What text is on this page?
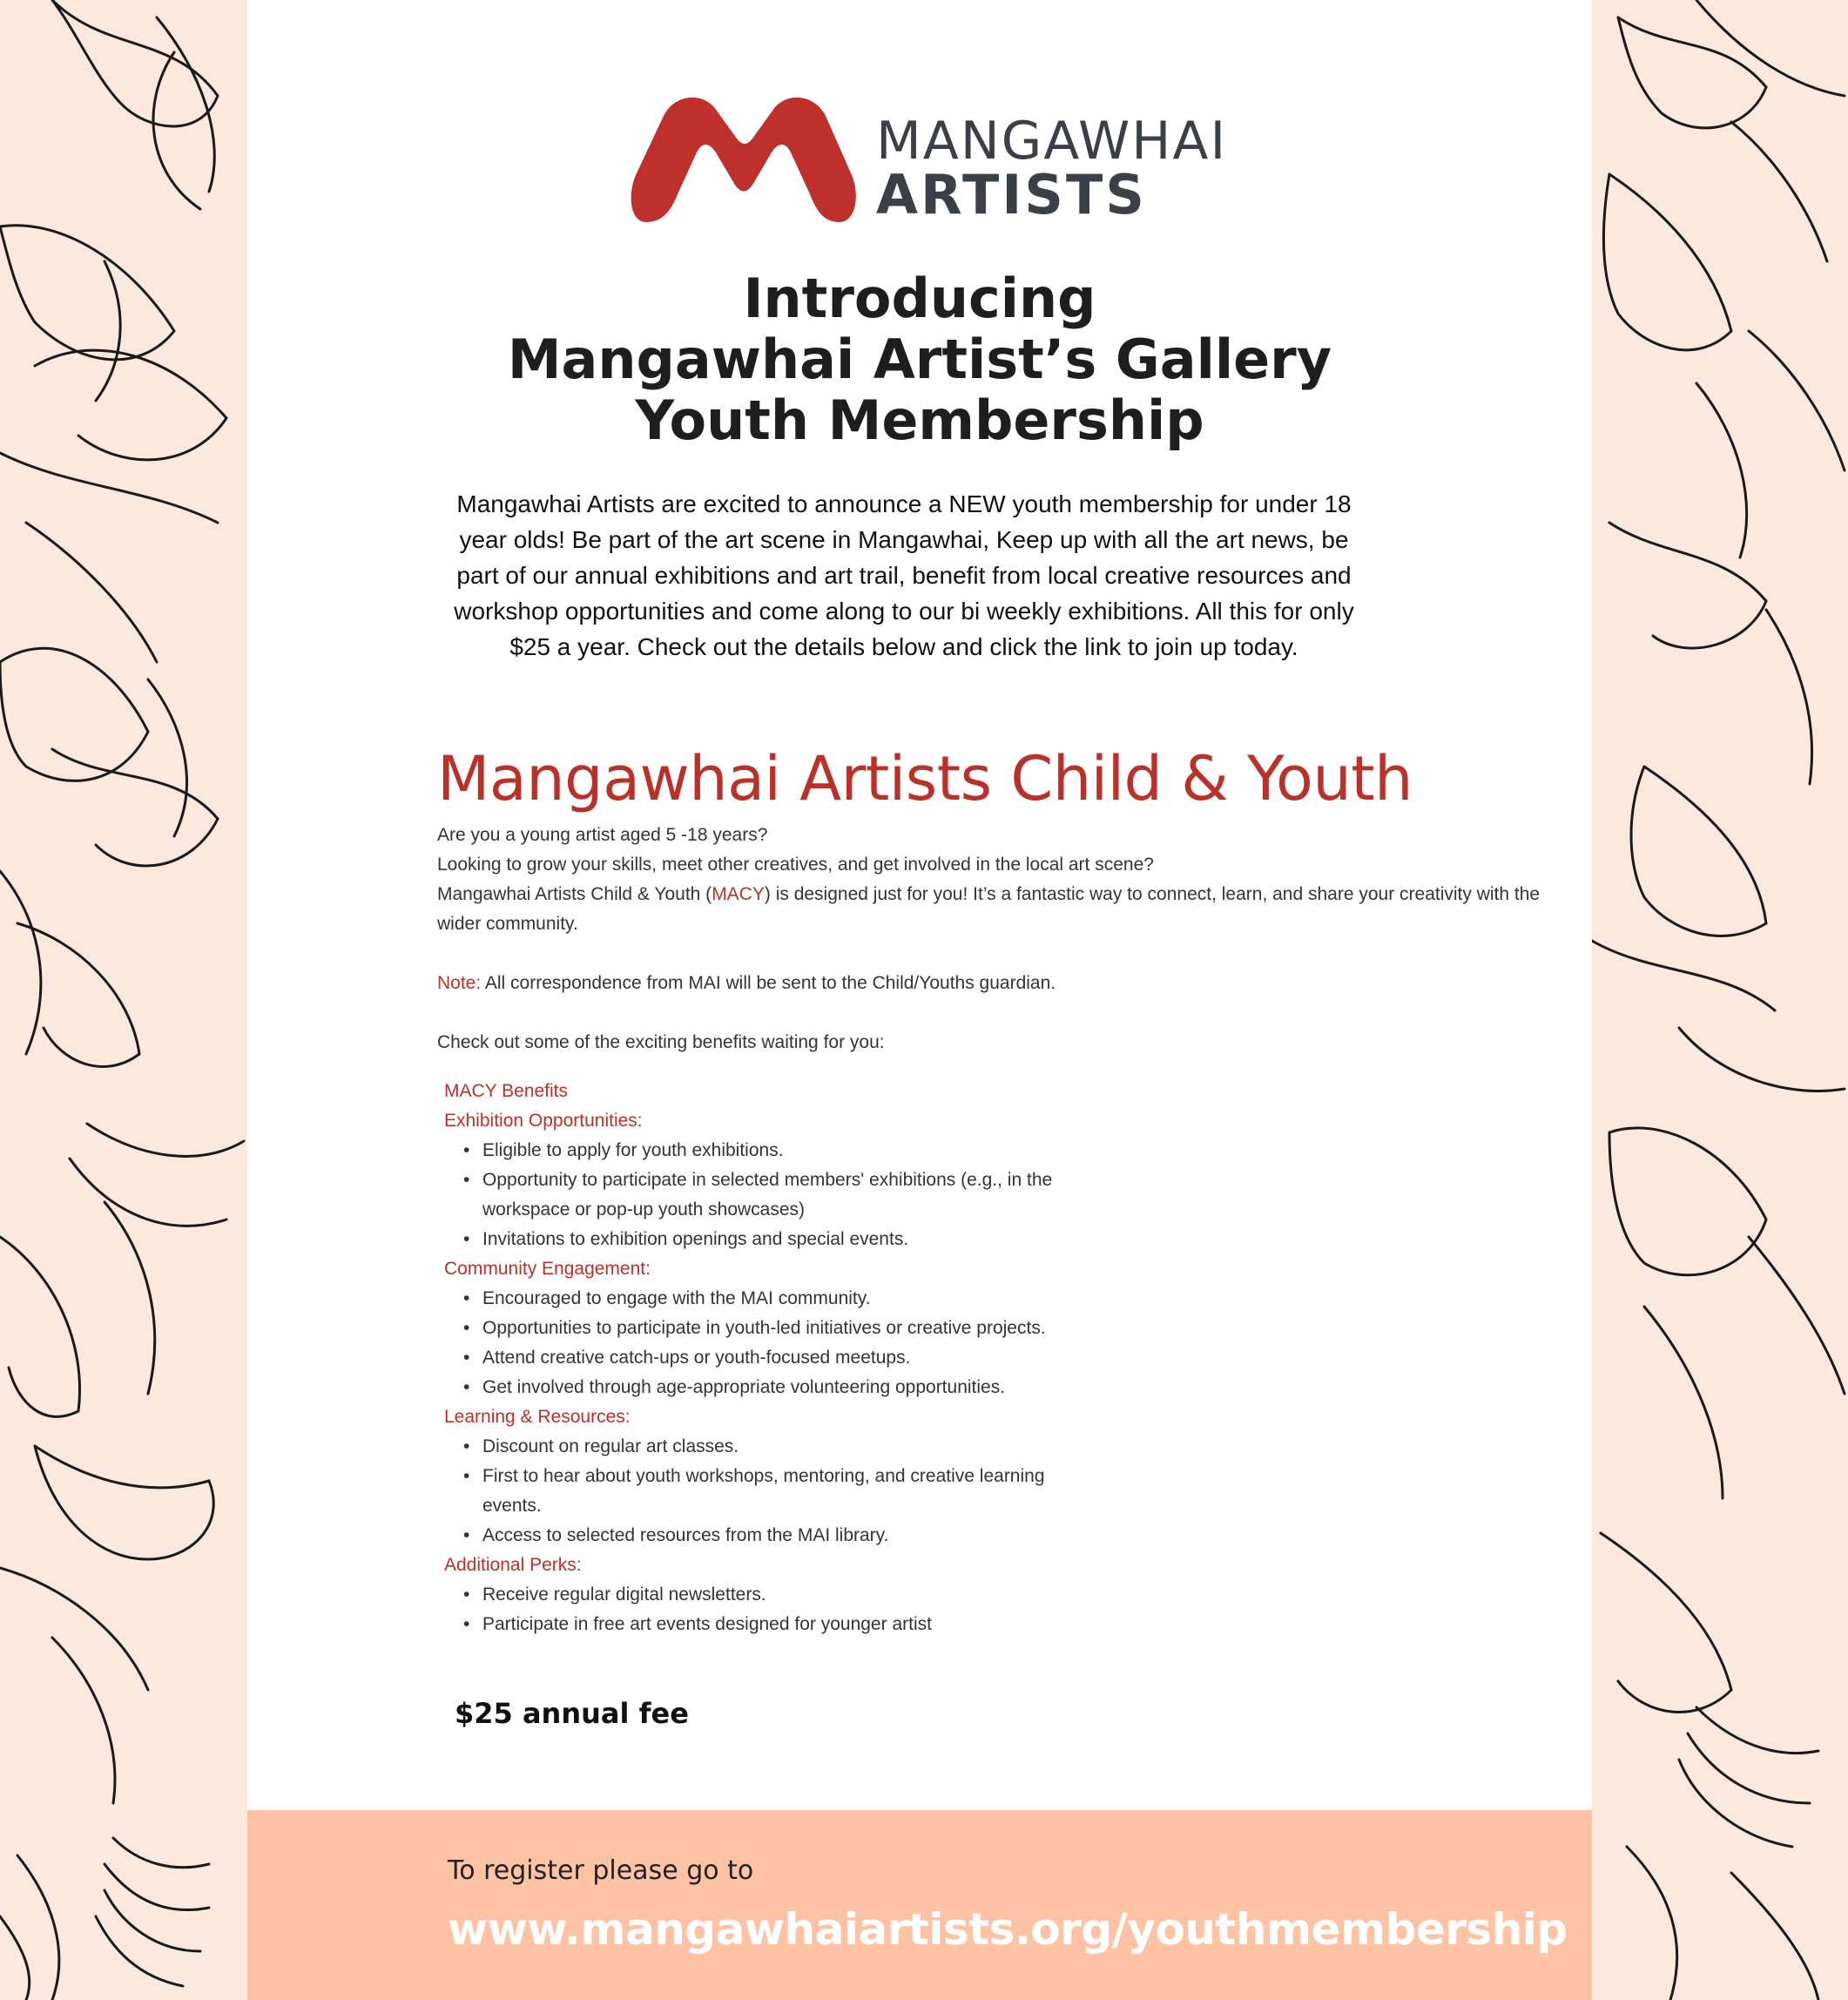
MANGAWHAI
ARTISTS
Introducing
Mangawhai Artist’s Gallery
Youth Membership

Mangawhai Artists are excited to announce a NEW youth membership for under 18 year olds! Be part of the art scene in Mangawhai, Keep up with all the art news, be part of our annual exhibitions and art trail, benefit from local creative resources and workshop opportunities and come along to our bi weekly exhibitions. All this for only $25 a year. Check out the details below and click the link to join up today.

Mangawhai Artists Child & Youth

Are you a young artist aged 5 -18 years?

Looking to grow your skills, meet other creatives, and get involved in the local art scene?

Mangawhai Artists Child & Youth (MACY) is designed just for you! It’s a fantastic way to connect, learn, and share your creativity with the wider community.

Note: All correspondence from MAI will be sent to the Child/Youths guardian.

Check out some of the exciting benefits waiting for you:

MACY Benefits

Exhibition Opportunities:

• Eligible to apply for youth exhibitions.
• Opportunity to participate in selected members' exhibitions (e.g., in the workspace or pop-up youth showcases)
• Invitations to exhibition openings and special events.

Community Engagement:

• Encouraged to engage with the MAI community.
• Opportunities to participate in youth-led initiatives or creative projects.
• Attend creative catch-ups or youth-focused meetups.
• Get involved through age-appropriate volunteering opportunities.

Learning & Resources:

• Discount on regular art classes.
• First to hear about youth workshops, mentoring, and creative learning events.
• Access to selected resources from the MAI library.

Additional Perks:

• Receive regular digital newsletters.
• Participate in free art events designed for younger artist
$25 annual fee
To register please go to
www.mangawhaiartists.org/youthmembership
